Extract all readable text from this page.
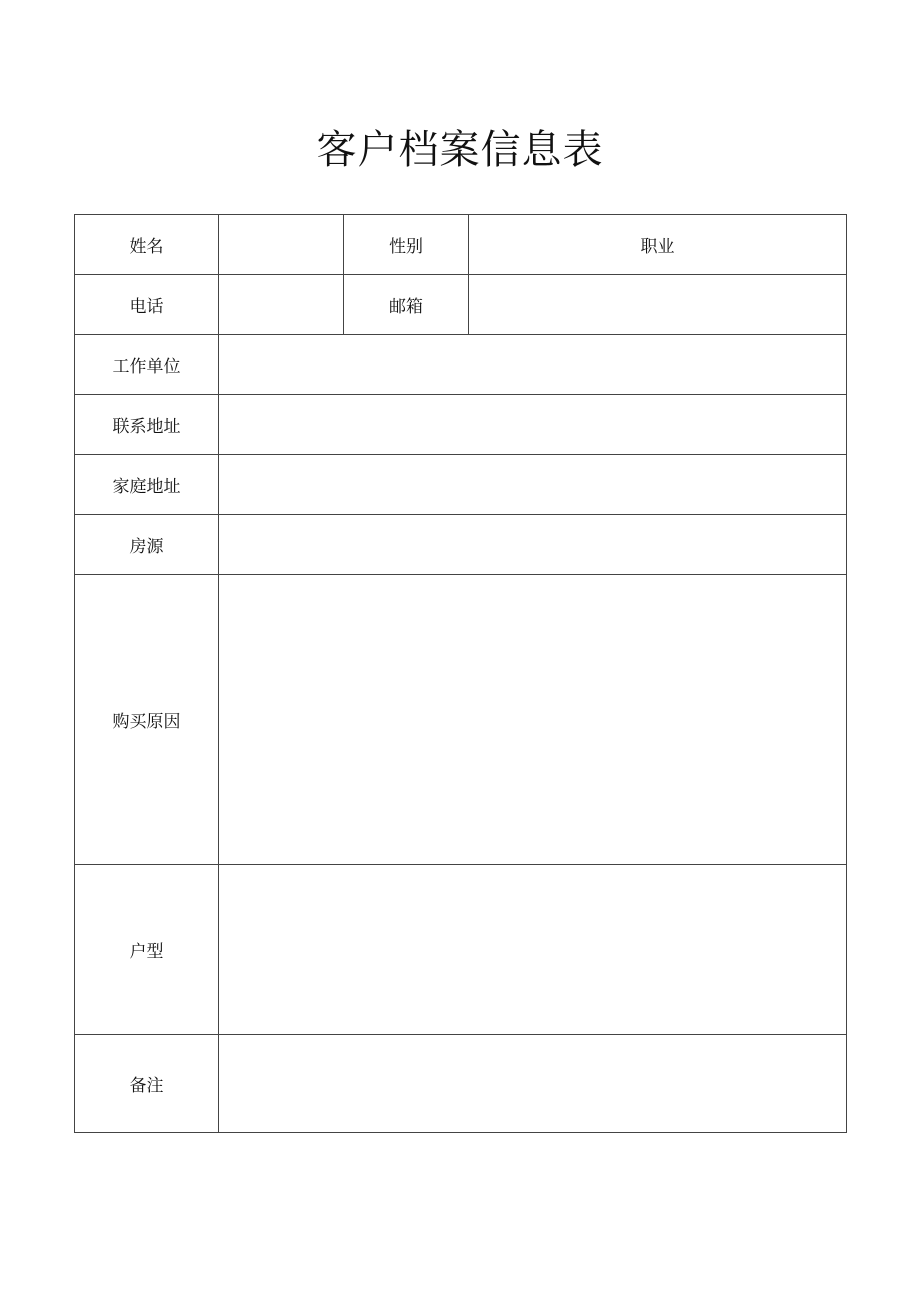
客户档案信息表
姓名		性别	职业
电话		邮箱	
工作单位			
联系地址			
家庭地址			
房源			
购买原因			
户型			
备注			
